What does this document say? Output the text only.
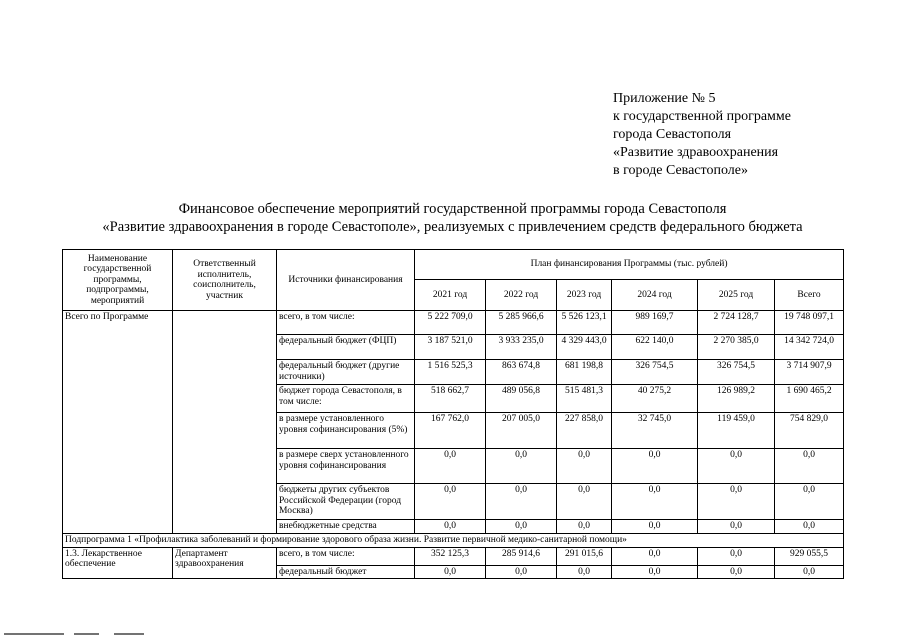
Приложение № 5
к государственной программе
города Севастополя
«Развитие здравоохранения
в городе Севастополе»
Финансовое обеспечение мероприятий государственной программы города Севастополя
«Развитие здравоохранения в городе Севастополе», реализуемых с привлечением средств федерального бюджета
Наименование государственной программы, подпрограммы, мероприятий	Ответственный исполнитель, соисполнитель, участник	Источники финансирования	План финансирования Программы (тыс. рублей)					
			2021 год	2022 год	2023 год	2024 год	2025 год	Всего
Всего по Программе		всего, в том числе:	5 222 709,0	5 285 966,6	5 526 123,1	989 169,7	2 724 128,7	19 748 097,1
		федеральный бюджет (ФЦП)	3 187 521,0	3 933 235,0	4 329 443,0	622 140,0	2 270 385,0	14 342 724,0
		федеральный бюджет (другие источники)	1 516 525,3	863 674,8	681 198,8	326 754,5	326 754,5	3 714 907,9
		бюджет города Севастополя, в том числе:	518 662,7	489 056,8	515 481,3	40 275,2	126 989,2	1 690 465,2
		в размере установленного уровня софинансирования (5%)	167 762,0	207 005,0	227 858,0	32 745,0	119 459,0	754 829,0
		в размере сверх установленного уровня софинансирования	0,0	0,0	0,0	0,0	0,0	0,0
		бюджеты других субъектов Российской Федерации (город Москва)	0,0	0,0	0,0	0,0	0,0	0,0
		внебюджетные средства	0,0	0,0	0,0	0,0	0,0	0,0
Подпрограмма 1 «Профилактика заболеваний и формирование здорового образа жизни. Развитие первичной медико-санитарной помощи»								
1.3. Лекарственное обеспечение	Департамент здравоохранения	всего, в том числе:	352 125,3	285 914,6	291 015,6	0,0	0,0	929 055,5
		федеральный бюджет	0,0	0,0	0,0	0,0	0,0	0,0
